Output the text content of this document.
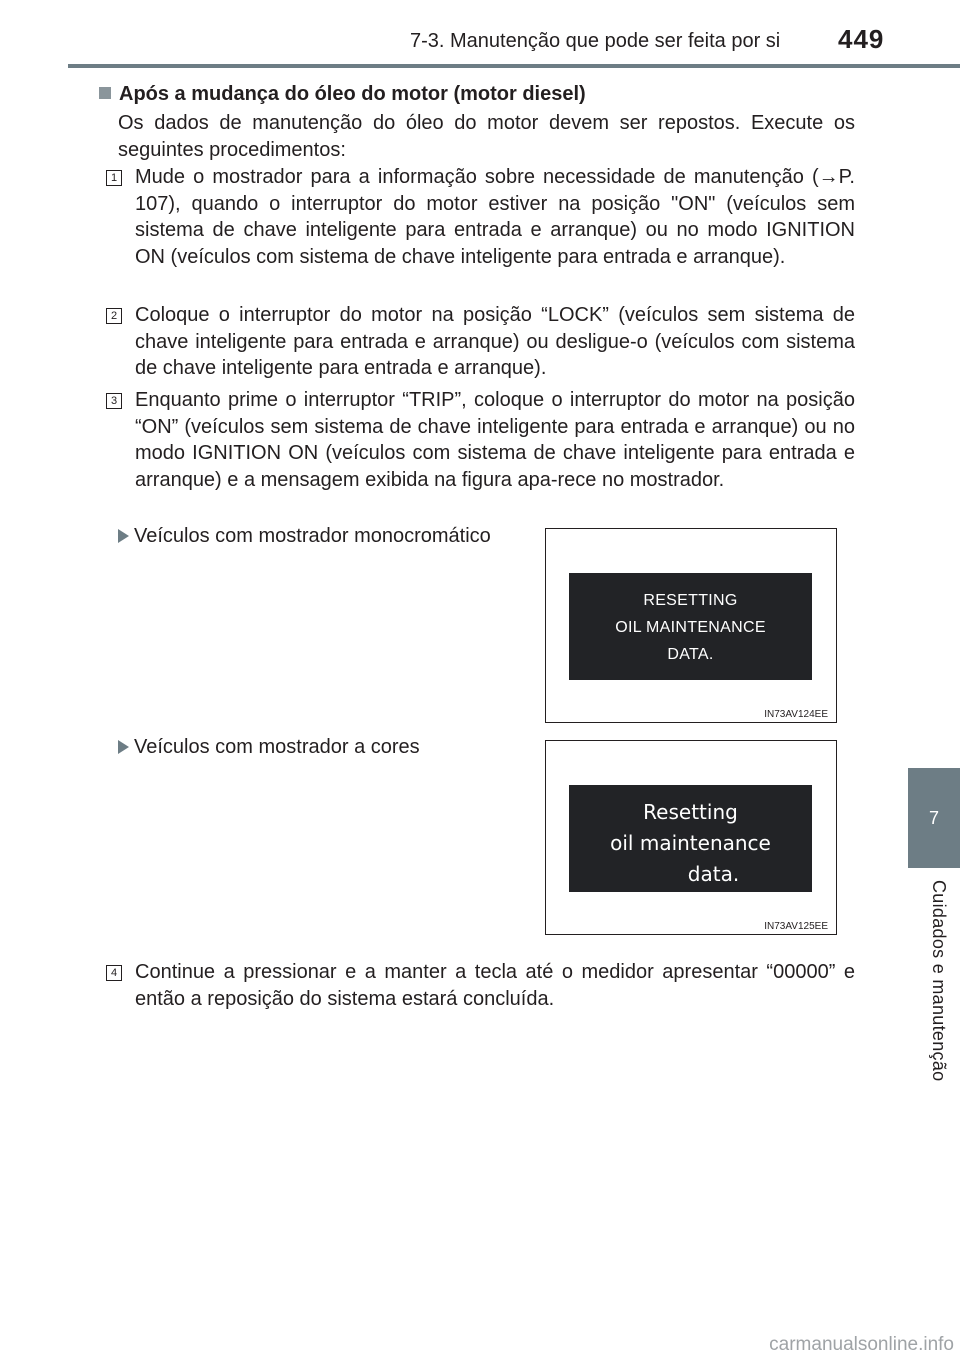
7-3. Manutenção que pode ser feita por si	449
7
Cuidados e manutenção
Após a mudança do óleo do motor (motor diesel)
Os dados de manutenção do óleo do motor devem ser repostos. Execute os seguintes procedimentos:
1 Mude o mostrador para a informação sobre necessidade de manutenção (→P. 107), quando o interruptor do motor estiver na posição "ON" (veículos sem sistema de chave inteligente para entrada e arranque) ou no modo IGNITION ON (veículos com sistema de chave inteligente para entrada e arranque).
2 Coloque o interruptor do motor na posição “LOCK” (veículos sem sistema de chave inteligente para entrada e arranque) ou desligue-o (veículos com sistema de chave inteligente para entrada e arranque).
3 Enquanto prime o interruptor “TRIP”, coloque o interruptor do motor na posição “ON” (veículos sem sistema de chave inteligente para entrada e arranque) ou no modo IGNITION ON (veículos com sistema de chave inteligente para entrada e arranque) e a mensagem exibida na figura apa-rece no mostrador.
Veículos com mostrador monocromático
RESETTING
OIL MAINTENANCE
DATA.
IN73AV124EE
Veículos com mostrador a cores
Resetting
oil maintenance
data.
IN73AV125EE
4 Continue a pressionar e a manter a tecla até o medidor apresentar “00000” e então a reposição do sistema estará concluída.
carmanualsonline.info
